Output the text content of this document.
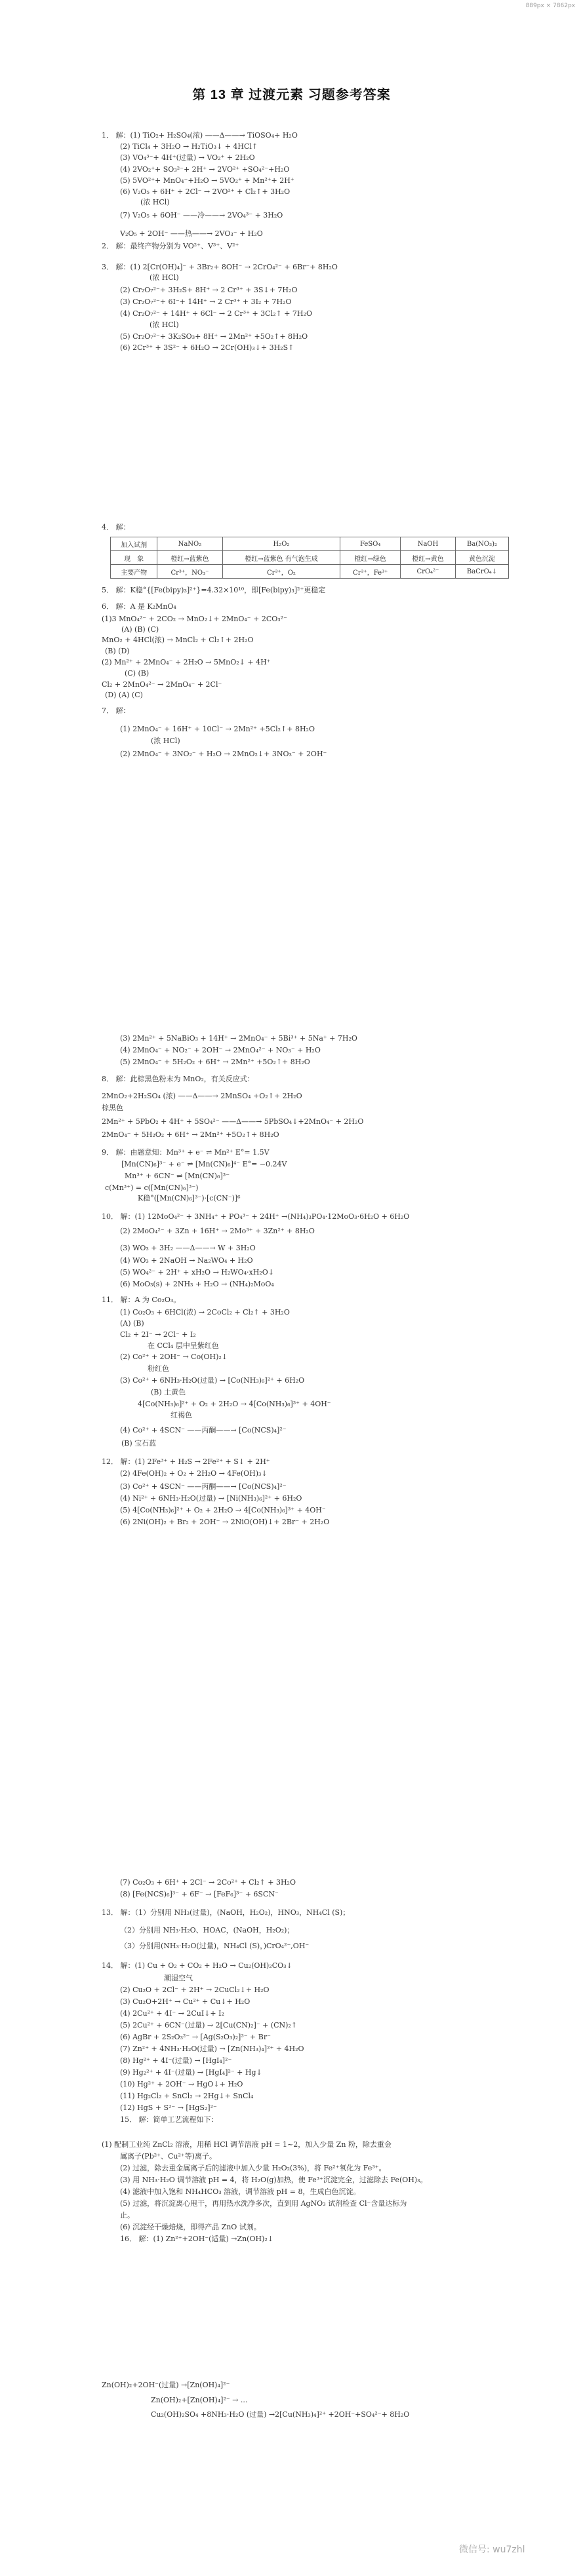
889px × 7862px
第 13 章 过渡元素 习题参考答案
1． 解：(1) TiO₂+ H₂SO₄(浓) ——Δ——→ TiOSO₄+ H₂O
(2) TiCl₄ + 3H₂O → H₂TiO₃↓ + 4HCl↑
(3) VO₄³⁻+ 4H⁺(过量) → VO₂⁺ + 2H₂O
(4) 2VO₂⁺+ SO₃²⁻+ 2H⁺ → 2VO²⁺ +SO₄²⁻+H₂O
(5) 5VO²⁺+ MnO₄⁻+H₂O → 5VO₂⁺ + Mn²⁺+ 2H⁺
(6) V₂O₅ + 6H⁺ + 2Cl⁻ → 2VO²⁺ + Cl₂↑+ 3H₂O
(浓 HCl)
(7) V₂O₅ + 6OH⁻ ——冷——→ 2VO₄³⁻ + 3H₂O
V₂O₅ + 2OH⁻ ——热——→ 2VO₃⁻ + H₂O
2． 解：最终产物分别为 VO²⁺、V³⁺、V²⁺
3． 解：(1) 2[Cr(OH)₄]⁻ + 3Br₂+ 8OH⁻ → 2CrO₄²⁻ + 6Br⁻+ 8H₂O
(浓 HCl)
(2) Cr₂O₇²⁻+ 3H₂S+ 8H⁺ → 2 Cr³⁺ + 3S↓+ 7H₂O
(3) Cr₂O₇²⁻+ 6I⁻+ 14H⁺ → 2 Cr³⁺ + 3I₂ + 7H₂O
(4) Cr₂O₇²⁻ + 14H⁺ + 6Cl⁻ → 2 Cr³⁺ + 3Cl₂↑ + 7H₂O
(浓 HCl)
(5) Cr₂O₇²⁻+ 3K₂SO₃+ 8H⁺ → 2Mn²⁺ +5O₂↑+ 8H₂O
(6) 2Cr³⁺ + 3S²⁻ + 6H₂O → 2Cr(OH)₃↓+ 3H₂S↑
4． 解：
5． 解：K稳°{[Fe(bipy)₃]²⁺}=4.32×10¹⁰，即[Fe(bipy)₃]²⁺更稳定
6． 解：A 是 K₂MnO₄
(1)3 MnO₄²⁻ + 2CO₂ → MnO₂↓+ 2MnO₄⁻ + 2CO₃²⁻
(A) (B) (C)
MnO₂ + 4HCl(浓) → MnCl₂ + Cl₂↑+ 2H₂O
(B) (D)
(2) Mn²⁺ + 2MnO₄⁻ + 2H₂O → 5MnO₂↓ + 4H⁺
(C) (B)
Cl₂ + 2MnO₄²⁻ → 2MnO₄⁻ + 2Cl⁻
(D) (A) (C)
7． 解：
(1) 2MnO₄⁻ + 16H⁺ + 10Cl⁻ → 2Mn²⁺ +5Cl₂↑+ 8H₂O
(浓 HCl)
(2) 2MnO₄⁻ + 3NO₂⁻ + H₂O → 2MnO₂↓+ 3NO₃⁻ + 2OH⁻
(3) 2Mn²⁺ + 5NaBiO₃ + 14H⁺ → 2MnO₄⁻ + 5Bi³⁺ + 5Na⁺ + 7H₂O
(4) 2MnO₄⁻ + NO₂⁻ + 2OH⁻ → 2MnO₄²⁻ + NO₃⁻ + H₂O
(5) 2MnO₄⁻ + 5H₂O₂ + 6H⁺ → 2Mn²⁺ +5O₂↑+ 8H₂O
8． 解：此棕黑色粉末为 MnO₂，有关反应式：
2MnO₂+2H₂SO₄ (浓) ——Δ——→ 2MnSO₄ +O₂↑+ 2H₂O
棕黑色
2Mn²⁺ + 5PbO₂ + 4H⁺ + 5SO₄²⁻ ——Δ——→ 5PbSO₄↓+2MnO₄⁻ + 2H₂O
2MnO₄⁻ + 5H₂O₂ + 6H⁺ → 2Mn²⁺ +5O₂↑+ 8H₂O
9． 解：由题意知：Mn³⁺ + e⁻ ⇌ Mn²⁺ E°= 1.5V
[Mn(CN)₆]³⁻ + e⁻ ⇌ [Mn(CN)₆]⁴⁻ E°= −0.24V
Mn³⁺ + 6CN⁻ ⇌ [Mn(CN)₆]³⁻
c(Mn³⁺) = c([Mn(CN)₆]³⁻)
K稳°([Mn(CN)₆]³⁻)·[c(CN⁻)]⁶
10． 解：(1) 12MoO₄²⁻ + 3NH₄⁺ + PO₄³⁻ + 24H⁺ →(NH₄)₃PO₄·12MoO₃·6H₂O + 6H₂O
(2) 2MoO₄²⁻ + 3Zn + 16H⁺ → 2Mo³⁺ + 3Zn²⁺ + 8H₂O
(3) WO₃ + 3H₂ ——Δ——→ W + 3H₂O
(4) WO₃ + 2NaOH → Na₂WO₄ + H₂O
(5) WO₄²⁻ + 2H⁺ + xH₂O → H₂WO₄·xH₂O↓
(6) MoO₃(s) + 2NH₃ + H₂O → (NH₄)₂MoO₄
11． 解：A 为 Co₂O₃。
(1) Co₂O₃ + 6HCl(浓) → 2CoCl₂ + Cl₂↑ + 3H₂O
(A) (B)
Cl₂ + 2I⁻ → 2Cl⁻ + I₂
在 CCl₄ 层中呈紫红色
(2) Co²⁺ + 2OH⁻ → Co(OH)₂↓
粉红色
(3) Co²⁺ + 6NH₃·H₂O(过量) → [Co(NH₃)₆]²⁺ + 6H₂O
(B) 土黄色
4[Co(NH₃)₆]²⁺ + O₂ + 2H₂O → 4[Co(NH₃)₆]³⁺ + 4OH⁻
红褐色
(4) Co²⁺ + 4SCN⁻ ——丙酮——→ [Co(NCS)₄]²⁻
(B) 宝石蓝
12． 解：(1) 2Fe³⁺ + H₂S → 2Fe²⁺ + S↓ + 2H⁺
(2) 4Fe(OH)₂ + O₂ + 2H₂O → 4Fe(OH)₃↓
(3) Co²⁺ + 4SCN⁻ ——丙酮——→ [Co(NCS)₄]²⁻
(4) Ni²⁺ + 6NH₃·H₂O(过量) → [Ni(NH₃)₆]²⁺ + 6H₂O
(5) 4[Co(NH₃)₆]²⁺ + O₂ + 2H₂O → 4[Co(NH₃)₆]³⁺ + 4OH⁻
(6) 2Ni(OH)₂ + Br₂ + 2OH⁻ → 2NiO(OH)↓+ 2Br⁻ + 2H₂O
(7) Co₂O₃ + 6H⁺ + 2Cl⁻ → 2Co²⁺ + Cl₂↑ + 3H₂O
(8) [Fe(NCS)₆]³⁻ + 6F⁻ → [FeF₆]³⁻ + 6SCN⁻
13． 解：（1）分别用 NH₃(过量)，(NaOH，H₂O₂)，HNO₃，NH₄Cl (S)；
（2）分别用 NH₃·H₂O、HOAC，(NaOH，H₂O₂)；
（3）分别用(NH₃·H₂O(过量)，NH₄Cl (S)，)CrO₄²⁻,OH⁻
14． 解：(1) Cu + O₂ + CO₂ + H₂O → Cu₂(OH)₂CO₃↓
潮湿空气
(2) Cu₂O + 2Cl⁻ + 2H⁺ → 2CuCl₂↓+ H₂O
(3) Cu₂O+2H⁺ → Cu²⁺ + Cu↓+ H₂O
(4) 2Cu²⁺ + 4I⁻ → 2CuI↓+ I₂
(5) 2Cu²⁺ + 6CN⁻(过量) → 2[Cu(CN)₂]⁻ + (CN)₂↑
(6) AgBr + 2S₂O₃²⁻ → [Ag(S₂O₃)₂]³⁻ + Br⁻
(7) Zn²⁺ + 4NH₃·H₂O(过量) → [Zn(NH₃)₄]²⁺ + 4H₂O
(8) Hg²⁺ + 4I⁻(过量) → [HgI₄]²⁻
(9) Hg₂²⁺ + 4I⁻(过量) → [HgI₄]²⁻ + Hg↓
(10) Hg²⁺ + 2OH⁻ → HgO↓+ H₂O
(11) Hg₂Cl₂ + SnCl₂ → 2Hg↓+ SnCl₄
(12) HgS + S²⁻ → [HgS₂]²⁻
15． 解：简单工艺流程如下：
(1) 配制工业纯 ZnCl₂ 溶液，用稀 HCl 调节溶液 pH = 1~2，加入少量 Zn 粉，除去重金
属离子(Pb²⁺、Cu²⁺等)离子。
(2) 过滤，除去重金属离子后的滤液中加入少量 H₂O₂(3%)，将 Fe²⁺氧化为 Fe³⁺。
(3) 用 NH₃·H₂O 调节溶液 pH = 4，将 H₂O(g)加热，使 Fe³⁺沉淀完全，过滤除去 Fe(OH)₃。
(4) 滤液中加入饱和 NH₄HCO₃ 溶液，调节溶液 pH = 8，生成白色沉淀。
(5) 过滤，将沉淀离心甩干，再用热水洗净多次，直到用 AgNO₃ 试剂检查 Cl⁻含量达标为
止。
(6) 沉淀经干燥焙烧，即得产品 ZnO 试剂。
16． 解：(1) Zn²⁺+2OH⁻(适量) →Zn(OH)₂↓
Zn(OH)₂+2OH⁻(过量) →[Zn(OH)₄]²⁻
Zn(OH)₂+[Zn(OH)₄]²⁻ → ...
Cu₂(OH)₂SO₄ +8NH₃·H₂O (过量) →2[Cu(NH₃)₄]²⁺ +2OH⁻+SO₄²⁻+ 8H₂O
加入试剂	NaNO₂	H₂O₂	FeSO₄	NaOH	Ba(NO₃)₂
现　象	橙红→蓝紫色	橙红→蓝紫色 有气泡生成	橙红→绿色	橙红→黄色	黄色沉淀
主要产物	Cr³⁺，NO₃⁻	Cr³⁺，O₂	Cr³⁺，Fe³⁺	CrO₄²⁻	BaCrO₄↓
微信号: wu7zhl
